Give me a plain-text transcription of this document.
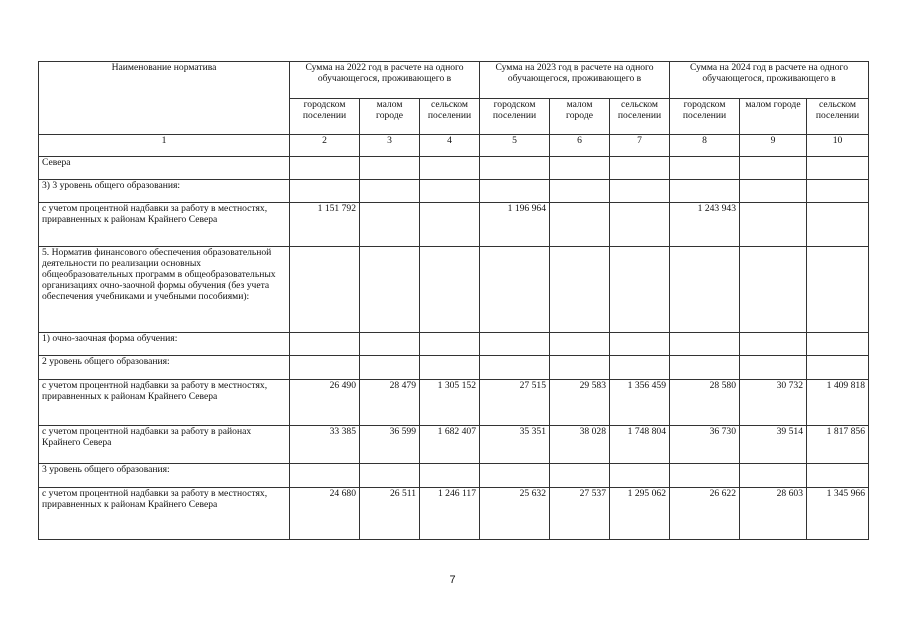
Наименование норматива	Сумма на 2022 год в расчете на одного обучающегося, проживающего в			Сумма на 2023 год в расчете на одного обучающегося, проживающего в			Сумма на 2024 год в расчете на одного обучающегося, проживающего в		
	городском поселении	малом городе	сельском поселении	городском поселении	малом городе	сельском поселении	городском поселении	малом городе	сельском поселении
1	2	3	4	5	6	7	8	9	10
Севера									
3) 3 уровень общего образования:									
с учетом процентной надбавки за работу в местностях, приравненных к районам Крайнего Севера	1 151 792			1 196 964			1 243 943		
5. Норматив финансового обеспечения образовательной деятельности по реализации основных общеобразовательных программ в общеобразовательных организациях очно-заочной формы обучения (без учета обеспечения учебниками и учебными пособиями):									
1) очно-заочная форма обучения:									
2 уровень общего образования:									
с учетом процентной надбавки за работу в местностях, приравненных к районам Крайнего Севера	26 490	28 479	1 305 152	27 515	29 583	1 356 459	28 580	30 732	1 409 818
с учетом процентной надбавки за работу в районах Крайнего Севера	33 385	36 599	1 682 407	35 351	38 028	1 748 804	36 730	39 514	1 817 856
3 уровень общего образования:									
с учетом процентной надбавки за работу в местностях, приравненных к районам Крайнего Севера	24 680	26 511	1 246 117	25 632	27 537	1 295 062	26 622	28 603	1 345 966
7
